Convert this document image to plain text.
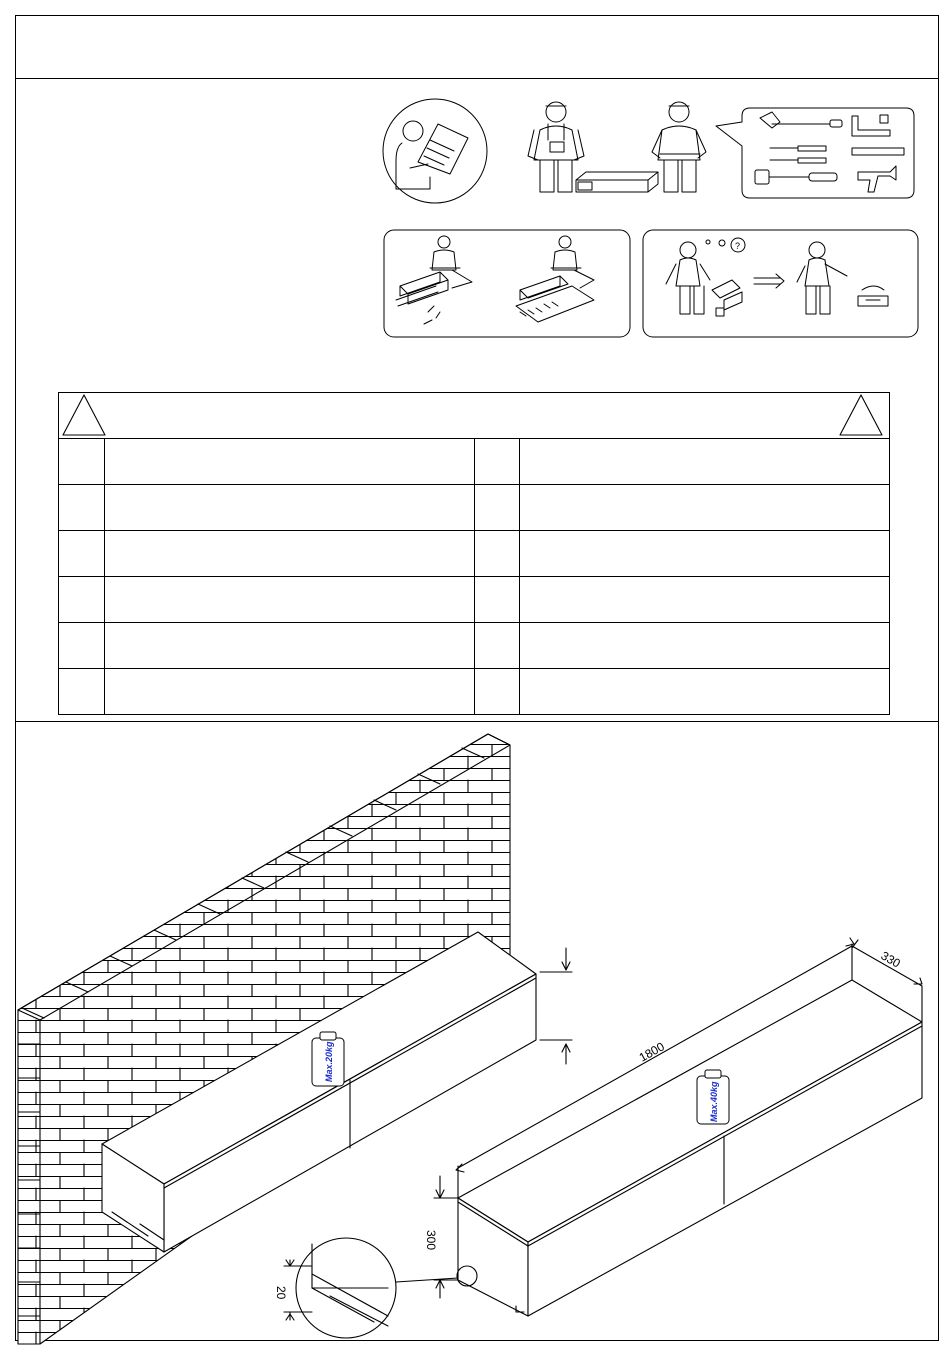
?
Max.20kg
Max.40kg
1800
330
300
20
